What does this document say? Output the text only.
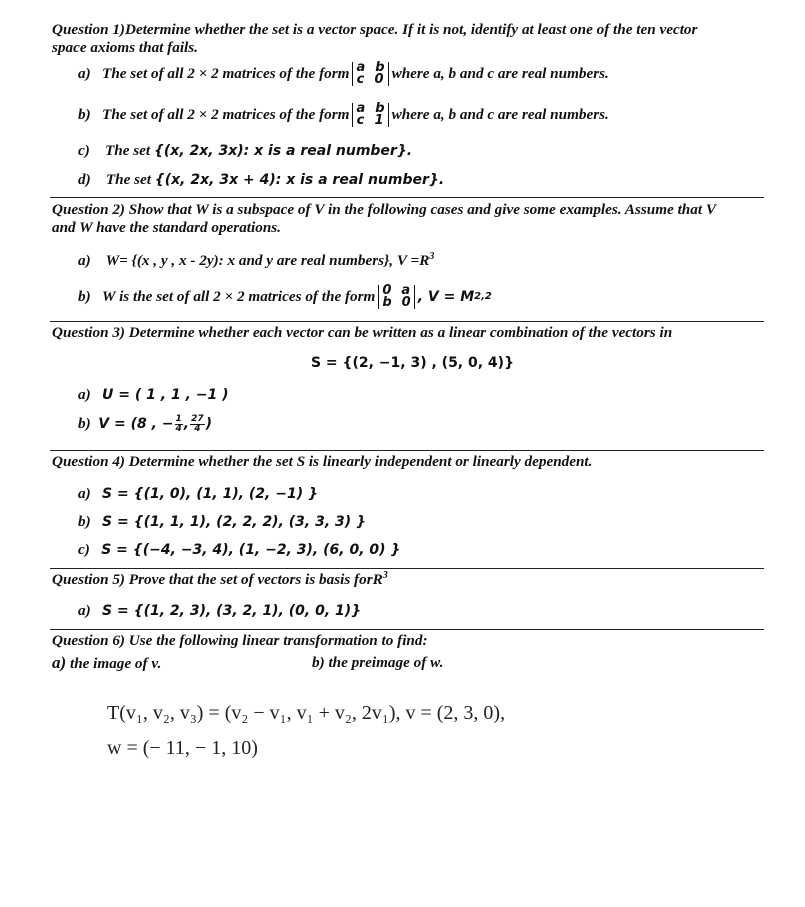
Question 1)Determine whether the set is a vector space. If it is not, identify at least one of the ten vector
space axioms that fails.
a)
The set of all 2 × 2 matrices of the form a b
c 0 where a, b and c are real numbers.
b)
The set of all 2 × 2 matrices of the form a b
c 1 where a, b and c are real numbers.
c) The set {(x, 2x, 3x): x is a real number}.
d) The set {(x, 2x, 3x + 4): x is a real number}.
Question 2) Show that W is a subspace of V in the following cases and give some examples. Assume that V
and W have the standard operations.
a) W= {(x , y , x - 2y): x and y are real numbers}, $V =R^3$
b)
W is the set of all 2 × 2 matrices of the form 0 a
b 0 , V = M 2,2
Question 3) Determine whether each vector can be written as a linear combination of the vectors in
S = {(2, −1, 3) , (5, 0, 4)}
a) U = ( 1 , 1 , −1 )
b)
V = (8 , − $\frac{1}{4}$ , $\frac{27}{4}$ )
Question 4) Determine whether the set S is linearly independent or linearly dependent.
a) S = {(1, 0), (1, 1), (2, −1) }
b) S = {(1, 1, 1), (2, 2, 2), (3, 3, 3) }
c) S = {(−4, −3, 4), (1, −2, 3), (6, 0, 0) }
Question 5) Prove that the set of vectors is basis forR$^3$
a) S = {(1, 2, 3), (3, 2, 1), (0, 0, 1)}
Question 6) Use the following linear transformation to find:
a) the image of v.	b) the preimage of w.
T(v₁, v₂, v₃) = (v₂ − v₁, v₁ + v₂, 2v₁), v = (2, 3, 0),
w = (− 11, − 1, 10)
